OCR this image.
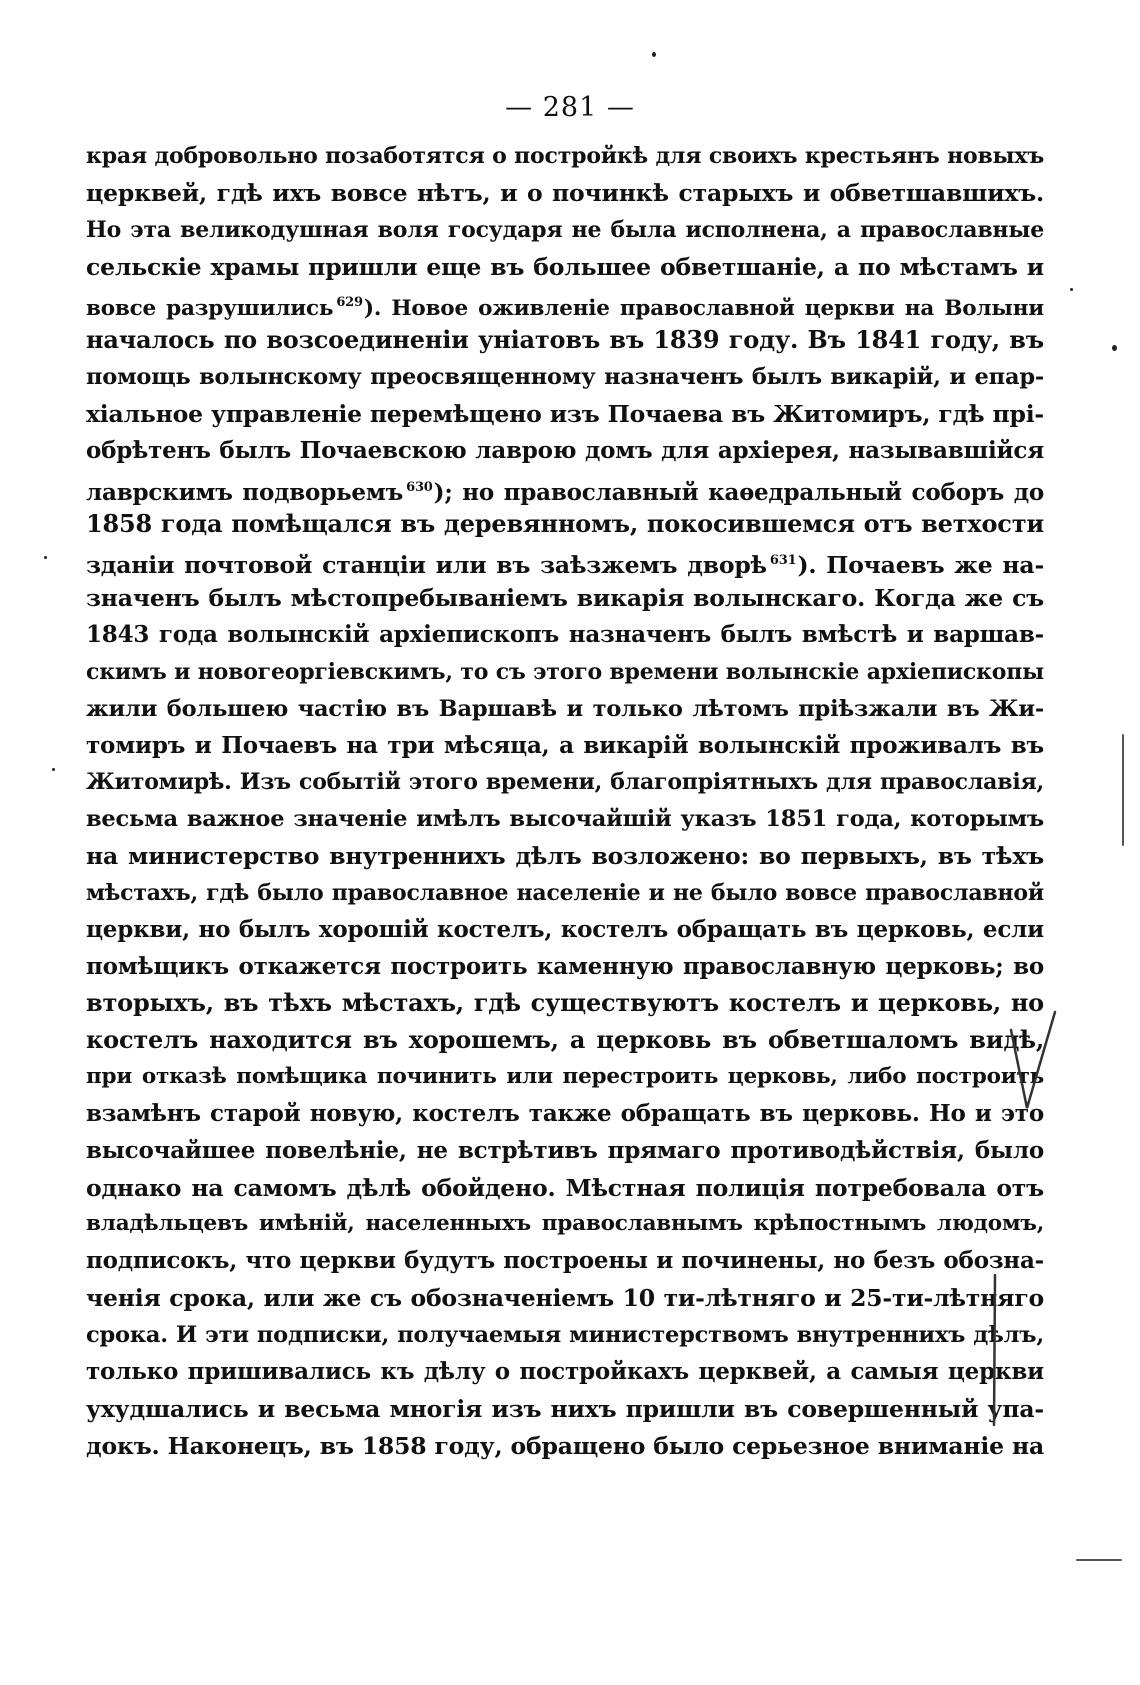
— 281 —
края добровольно позаботятся о постройкѣ для своихъ крестьянъ новыхъ
церквей, гдѣ ихъ вовсе нѣтъ, и о починкѣ старыхъ и обветшавшихъ.
Но эта великодушная воля государя не была исполнена, а православные
сельскіе храмы пришли еще въ большее обветшаніе, а по мѣстамъ и
вовсе разрушились $^{629}$). Новое оживленіе православной церкви на Волыни
началось по возсоединеніи уніатовъ въ 1839 году. Въ 1841 году, въ
помощь волынскому преосвященному назначенъ былъ викарій, и епар-
хіальное управленіе перемѣщено изъ Почаева въ Житомиръ, гдѣ прі-
обрѣтенъ былъ Почаевскою лаврою домъ для архіерея, называвшійся
лаврскимъ подворьемъ $^{630}$); но православный каѳедральный соборъ до
1858 года помѣщался въ деревянномъ, покосившемся отъ ветхости
зданіи почтовой станціи или въ заѣзжемъ дворѣ $^{631}$). Почаевъ же на-
значенъ былъ мѣстопребываніемъ викарія волынскаго. Когда же съ
1843 года волынскій архіепископъ назначенъ былъ вмѣстѣ и варшав-
скимъ и новогеоргіевскимъ, то съ этого времени волынскіе архіепископы
жили большею частію въ Варшавѣ и только лѣтомъ пріѣзжали въ Жи-
томиръ и Почаевъ на три мѣсяца, а викарій волынскій проживалъ въ
Житомирѣ. Изъ событій этого времени, благопріятныхъ для православія,
весьма важное значеніе имѣлъ высочайшій указъ 1851 года, которымъ
на министерство внутреннихъ дѣлъ возложено: во первыхъ, въ тѣхъ
мѣстахъ, гдѣ было православное населеніе и не было вовсе православной
церкви, но былъ хорошій костелъ, костелъ обращать въ церковь, если
помѣщикъ откажется построить каменную православную церковь; во
вторыхъ, въ тѣхъ мѣстахъ, гдѣ существуютъ костелъ и церковь, но
костелъ находится въ хорошемъ, а церковь въ обветшаломъ видѣ,
при отказѣ помѣщика починить или перестроить церковь, либо построить
взамѣнъ старой новую, костелъ также обращать въ церковь. Но и это
высочайшее повелѣніе, не встрѣтивъ прямаго противодѣйствія, было
однако на самомъ дѣлѣ обойдено. Мѣстная полиція потребовала отъ
владѣльцевъ имѣній, населенныхъ православнымъ крѣпостнымъ людомъ,
подписокъ, что церкви будутъ построены и починены, но безъ обозна-
ченія срока, или же съ обозначеніемъ 10 ти-лѣтняго и 25-ти-лѣтняго
срока. И эти подписки, получаемыя министерствомъ внутреннихъ дѣлъ,
только пришивались къ дѣлу о постройкахъ церквей, а самыя церкви
ухудшались и весьма многія изъ нихъ пришли въ совершенный упа-
докъ. Наконецъ, въ 1858 году, обращено было серьезное вниманіе на
